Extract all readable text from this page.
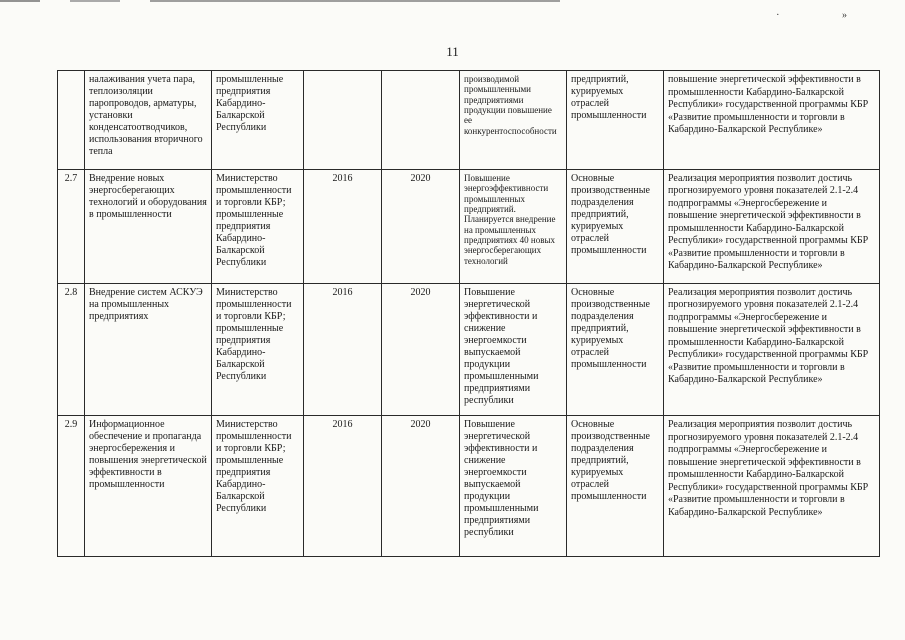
· »
11
	налаживания учета пара, теплоизоляции паропроводов, арматуры, установки конденсатоотводчиков, использования вторичного тепла	промышленные предприятия Кабардино-Балкарской Республики			производимой промышленными предприятиями продукции повышение ее конкурентоспособности	предприятий, курируемых отраслей промышленности	повышение энергетической эффективности в промышленности Кабардино-Балкарской Республики» государственной программы КБР «Развитие промышленности и торговли в Кабардино-Балкарской Республике»
2.7	Внедрение новых энергосберегающих технологий и оборудования в промышленности	Министерство промышленности и торговли КБР; промышленные предприятия Кабардино-Балкарской Республики	2016	2020	Повышение энергоэффективности промышленных предприятий. Планируется внедрение на промышленных предприятиях 40 новых энергосберегающих технологий	Основные производственные подразделения предприятий, курируемых отраслей промышленности	Реализация мероприятия позволит достичь прогнозируемого уровня показателей 2.1-2.4 подпрограммы «Энергосбережение и повышение энергетической эффективности в промышленности Кабардино-Балкарской Республики» государственной программы КБР «Развитие промышленности и торговли в Кабардино-Балкарской Республике»
2.8	Внедрение систем АСКУЭ на промышленных предприятиях	Министерство промышленности и торговли КБР; промышленные предприятия Кабардино-Балкарской Республики	2016	2020	Повышение энергетической эффективности и снижение энергоемкости выпускаемой продукции промышленными предприятиями республики	Основные производственные подразделения предприятий, курируемых отраслей промышленности	Реализация мероприятия позволит достичь прогнозируемого уровня показателей 2.1-2.4 подпрограммы «Энергосбережение и повышение энергетической эффективности в промышленности Кабардино-Балкарской Республики» государственной программы КБР «Развитие промышленности и торговли в Кабардино-Балкарской Республике»
2.9	Информационное обеспечение и пропаганда энергосбережения и повышения энергетической эффективности в промышленности	Министерство промышленности и торговли КБР; промышленные предприятия Кабардино-Балкарской Республики	2016	2020	Повышение энергетической эффективности и снижение энергоемкости выпускаемой продукции промышленными предприятиями республики	Основные производственные подразделения предприятий, курируемых отраслей промышленности	Реализация мероприятия позволит достичь прогнозируемого уровня показателей 2.1-2.4 подпрограммы «Энергосбережение и повышение энергетической эффективности в промышленности Кабардино-Балкарской Республики» государственной программы КБР «Развитие промышленности и торговли в Кабардино-Балкарской Республике»
